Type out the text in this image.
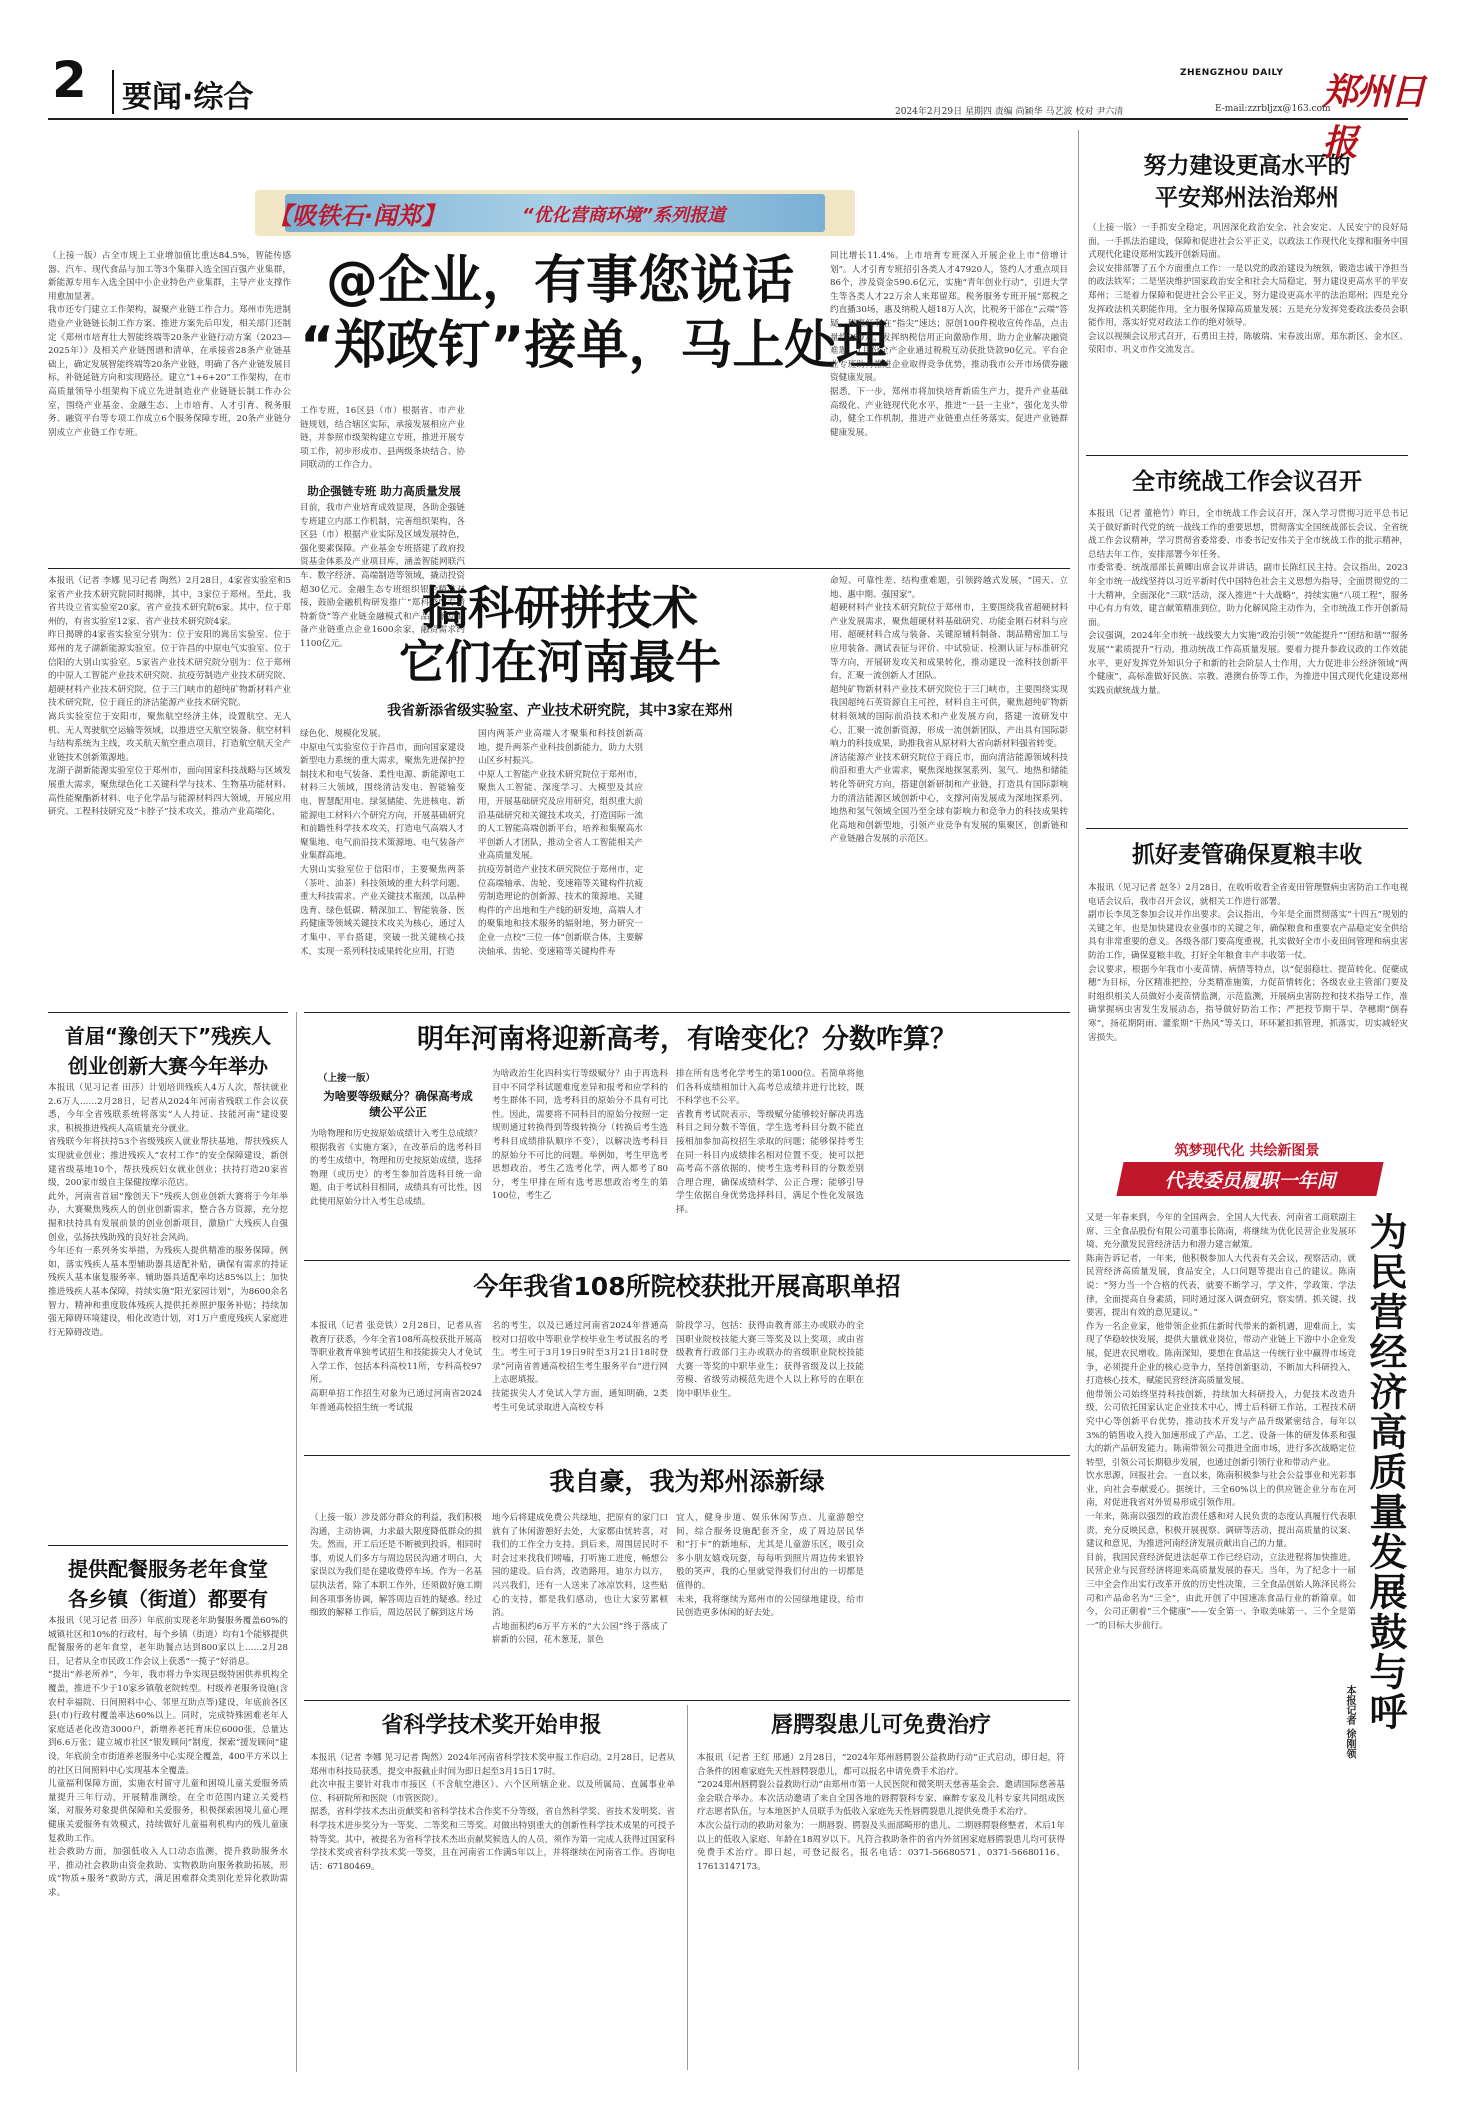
2 要闻·综合
ZHENGZHOU DAILY 郑州日报
2024年2月29日 星期四 责编 尚颖华 马艺波 校对 尹六清	E-mail:zzrbljzx@163.com
【吸铁石·闻郑】	“优化营商环境”系列报道
（上接一版）占全市规上工业增加值比重达84.5%，智能传感器、汽车、现代食品与加工等3个集群入选全国百强产业集群，新能源专用车入选全国中小企业特色产业集群，主导产业支撑作用愈加显著。
我市还专门建立工作架构，凝聚产业链工作合力。郑州市先进制造业产业链链长制工作方案、推进方案先后印发，相关部门还制定《郑州市培育壮大智能终端等20条产业链行动方案（2023—2025年）》及相关产业链图谱和清单，在承接省28条产业链基础上，确定发展智能终端等20条产业链，明确了各产业链发展目标，补链延链方向和实现路径。建立“1+6+20”工作架构，在市高质量领导小组架构下成立先进制造业产业链链长制工作办公室，围绕产业基金、金融生态、上市培育、人才引育、税务服务、融资平台等专项工作成立6个服务保障专班，20条产业链分别成立产业链工作专班。
@企业，有事您说话
“郑政钉”接单，马上处理
工作专班，16区县（市）根据省、市产业链规划，结合辖区实际，承接发展相应产业链，并参照市级架构建立专班，推进开展专项工作，初步形成市、县两级条块结合、协同联动的工作合力。
助企强链专班 助力高质量发展
目前，我市产业培育成效显现，各助企强链专班建立内部工作机制，完善组织架构，各区县（市）根据产业实际及区域发展特色，强化要素保障。产业基金专班搭建了政府投资基金体系及产业项目库，涵盖智能网联汽车、数字经济、高端制造等领域，撬动投资超30亿元。金融生态专班组织银企精准对接，鼓励金融机构研发推广“郑科贷”“专精特新贷”等产业链金融模式和产品，滚动储备产业链重点企业1600余家，融资需求约1100亿元。
同比增长11.4%。上市培育专班深入开展企业上市“倍增计划”。人才引育专班招引各类人才47920人，签约人才重点项目86个，涉及资金590.6亿元，实施“青年创业行动”，引进大学生等各类人才22万余人来郑留郑。税务服务专班开展“郑税之约直播30场，惠及纳税人超18万人次，比税务干部在“云端”答疑，税惠红利在“指尖”速达；原创100件税收宣传作品，点击量约280万。发挥纳税信用正向激励作用，助力企业解决融资难题，1月份全产企业通过税税互动获批贷款90亿元。平台企业专班助力推进企业取得竞争优势，推动我市公开市场债券融资健康发展。
据悉，下一步，郑州市将加快培育新质生产力，提升产业基础高级化、产业链现代化水平，推进“一县一主业”，强化龙头带动，健全工作机制，推进产业链重点任务落实，促进产业链群健康发展。
本报讯（记者 李娜 见习记者 陶然）2月28日，4家省实验室和5家省产业技术研究院同时揭牌，其中，3家位于郑州。至此，我省共设立省实验室20家，省产业技术研究院6家。其中，位于郑州的，有省实验室12家、省产业技术研究院4家。
昨日揭牌的4家省实验室分别为：位于安阳的嵩岳实验室、位于郑州的龙子湖新能源实验室、位于许昌的中原电气实验室、位于信阳的大别山实验室。5家省产业技术研究院分别为：位于郑州的中原人工智能产业技术研究院、抗疫劳制造产业技术研究院、超硬材料产业技术研究院，位于三门峡市的超纯矿物新材料产业技术研究院，位于商丘的济洁能源产业技术研究院。
嵩兵实验室位于安阳市，聚焦航空经济主体，设置航空、无人机、无人驾驶航空运输等领域，以推进空天航空装备、航空材料与结构系统为主线，攻关航天航空重点项目，打造航空航天全产业链技术创新策源地。
龙湖子湖新能源实验室位于郑州市，面向国家科技战略与区域发展重大需求，聚焦绿色化工关键科学与技术、生物基功能材料、高性能聚酯新材料、电子化学品与能源材料四大领域，开展应用研究、工程科技研究及“卡脖子”技术攻关，推动产业高端化、
搞科研拼技术
它们在河南最牛
我省新添省级实验室、产业技术研究院，其中3家在郑州
绿色化、规模化发展。
中原电气实验室位于许昌市，面向国家建设新型电力系统的重大需求，聚焦先进保护控制技术和电气装备、柔性电源、新能源电工材料三大领域，围绕清洁发电、智能输变电、智慧配用电、绿氢储能、先进核电、新能源电工材料六个研究方向，开展基础研究和前瞻性科学技术攻关，打造电气高端人才聚集地、电气前沿技术策源地、电气装备产业集群高地。
大别山实验室位于信阳市，主要聚焦两茶（茶叶、油茶）科技领域的重大科学问题、重大科技需求、产业关键技术瓶颈，以品种选育、绿色低碳、精深加工、智能装备、医药健康等领域关键技术攻关为核心，通过人才集中、平台搭建，突破一批关键核心技术，实现一系列科技成果转化应用，打造
国内两茶产业高端人才聚集和科技创新高地，提升两茶产业科技创新能力，助力大别山区乡村振兴。
中原人工智能产业技术研究院位于郑州市，聚焦人工智能、深度学习、大模型及其应用，开展基础研究及应用研究，组织重大前沿基础研究和关键技术攻关，打造国际一流的人工智能高端创新平台，培养和集聚高水平创新人才团队，推动全省人工智能相关产业高质量发展。
抗疫劳制造产业技术研究院位于郑州市，定位高端轴承、齿轮、变速箱等关键构件抗疲劳制造理论的创新源、技术的策源地、关键构件的产出地和生产线的研发地，高端人才的聚集地和技术服务的辐射地，努力研究一企业一点校”三位一体”创新联合体，主要解决轴承、齿轮、变速箱等关键构件寿
命短、可靠性差、结构重难题，引领跨越式发展，“国天、立地、惠中期、强国家”。
超硬材料产业技术研究院位于郑州市，主要围绕我省超硬材料产业发展需求，聚焦超硬材料基础研究、功能金刚石材料与应用、超硬材料合成与装备、关键原辅料制备、制品精密加工与应用装备、测试表征与评价、中试验证、检测认证与标准研究等方向，开展研发攻关和成果转化，推动建设一流科技创新平台，汇聚一流创新人才团队。
超纯矿物新材料产业技术研究院位于三门峡市，主要围绕实现我国超纯石英资源自主可控，材料自主可供，聚焦超纯矿物新材料领域的国际前沿技术和产业发展方向，搭建一流研发中心，汇聚一流创新资源，形成一流创新团队，产出具有国际影响力的科技成果，助推我省从原材料大省向新材料强省转变。
济洁能源产业技术研究院位于商丘市，面向清洁能源领域科技前沿和重大产业需求，聚焦深地探氢系列、氢气、地热和储能转化等研究方向，搭建创新研制和产业链，打造具有国际影响力的清洁能源区域创新中心，支撑河南发展成为深地探系列、地热和氢气领域全国乃至全球有影响力和竞争力的科技成果转化高地和创新型地，引领产业竞争有发展的集聚区，创新链和产业链融合发展的示范区。
首届“豫创天下”残疾人
创业创新大赛今年举办
本报讯（见习记者 田莎）计划培训残疾人4万人次，帮扶就业2.6万人……2月28日，记者从2024年河南省残联工作会议获悉，今年全省残联系统将落实“人人持证、技能河南”建设要求，积极推进残疾人高质量充分就业。
省残联今年将扶持53个省级残疾人就业帮扶基地，帮扶残疾人实现就业创业；推进残疾人“农村工作”的安全保障建设，新创建省级基地10个，帮扶残疾妇女就业创业；扶持打造20家省级，200家市级自主保健按摩示范店。
此外，河南省首届“豫创天下”残疾人创业创新大赛将于今年举办，大赛聚焦残疾人的创业创新需求，整合各方资源，充分挖掘和扶持具有发展前景的创业创新项目，激励广大残疾人自强创业，弘扬扶残助残的良好社会风尚。
今年还有一系列务实举措，为残疾人提供精准的服务保障。例如，落实残疾人基本型辅助器具适配补贴，确保有需求的持证残疾人基本康复服务率、辅助器具适配率均达85%以上；加快推进残疾人基本保障，持续实施“阳光家园计划”，为8600余名智力、精神和重度肢体残疾人提供托养照护服务补贴；持续加强无障碍环境建设，相化改造计划，对1万户重度残疾人家庭进行无障碍改造。
提供配餐服务老年食堂
各乡镇（街道）都要有
本报讯（见习记者 田莎）年底前实现老年助餐服务覆盖60%的城镇社区和10%的行政村，每个乡镇（街道）均有1个能够提供配餐服务的老年食堂，老年助餐点达到800家以上……2月28日，记者从全市民政工作会议上获悉“一揽子”好消息。
“提出“养老所养”，今年，我市将力争实现县级特困供养机构全覆盖，推进不少于10家乡镇敬老院转型。村级养老服务设施(含农村幸福院、日间照料中心、邻里互助点等)建设，年底前各区县(市)行政村覆盖率达60%以上。同时，完成特殊困难老年人家庭适老化改造3000户，新增养老托育床位6000张，总量达到6.6万张；建立城市社区“银发顾问”制度，探索“援发顾问”建设，年底前全市街道养老服务中心实现全覆盖，400平方米以上的社区日间照料中心实现基本全覆盖。
儿童福利保障方面，实施农村留守儿童和困境儿童关爱服务质量提升三年行动，开展精准测绘，在全市范围内建立关爱档案，对服务对象提供保障和关爱服务，积极探索困境儿童心理健康关爱服务有效模式，持续做好儿童福利机构内的残儿童康复救助工作。
社会救助方面，加强低收入人口动态监测，提升救助服务水平，推动社会救助由资金救助、实物救助向服务救助拓展，形成“物质+服务”救助方式，满足困难群众类别化差异化救助需求。
明年河南将迎新高考，有啥变化？分数咋算？
（上接一版）
为啥要等级赋分？确保高考成绩公平公正
为啥物理和历史按原始成绩计入考生总成绩？根据我省《实施方案》，在改革后的选考科目的考生成绩中，物理和历史按原始成绩，选择物理（或历史）的考生参加首选科目统一命题，由于考试科目相同，成绩具有可比性，因此使用原始分计入考生总成绩。
为啥政治生化四科实行等级赋分？由于再选科目中不同学科试题难度差异和报考和应学科的考生群体不同，选考科目的原始分不具有可比性。因此，需要将不同科目的原始分按照一定规则通过转换得到等级转换分（转换后考生选考科目成绩排队顺序不变），以解决选考科目的原始分不可比的问题。举例如，考生甲选考思想政治，考生乙选考化学，两人都考了80分，考生甲排在所有选考思想政治考生的第100位，考生乙
排在所有选考化学考生的第1000位。若简单将他们各科成绩相加计入高考总成绩并进行比较，既不科学也不公平。
省教育考试院表示，等级赋分能够较好解决再选科目之间分数不等值，学生选考科目分数不能直接相加参加高校招生录取的问题；能够保持考生在同一科目内成绩排名相对位置不变，使可以把高考高不落依据的，使考生选考科目的分数差别合理合理，确保成绩科学、公正合理；能够引导学生依据自身优势选择科目，满足个性化发展选择。
今年我省108所院校获批开展高职单招
本报讯（记者 张竞铁）2月28日，记者从省教育厅获悉，今年全省108所高校获批开展高等职业教育单独考试招生和技能拔尖人才免试入学工作，包括本科高校11所，专科高校97所。
高职单招工作招生对象为已通过河南省2024年普通高校招生统一考试报
名的考生，以及已通过河南省2024年普通高校对口招收中等职业学校毕业生考试报名的考生。考生可于3月19日9时至3月21日18时登录“河南省普通高校招生考生服务平台”进行网上志愿填报。
技能拔尖人才免试入学方面，通知明确，2类考生可免试录取进入高校专科
阶段学习，包括：获得由教育部主办或联办的全国职业院校技能大赛三等奖及以上奖项，或由省级教育行政部门主办或联办的省级职业院校技能大赛一等奖的中职毕业生；获得省级及以上技能劳模、省级劳动模范先进个人以上称号的在职在岗中职毕业生。
我自豪，我为郑州添新绿
（上接一版）涉及部分群众的利益，我们积极沟通，主动协调，力求最大限度降低群众的损失。然而，开工后还是不断被到投诉，相同时事，劝说人们多方与周边居民沟通才明白，大家误以为我们是在建收费停车场。作为一名基层执法者，除了本职工作外，还须做好施工期间各项事务协调，解答周边百姓的疑惑。经过细致的解释工作后，周边居民了解到这片场
地今后将建成免费公共绿地，把原有的家门口就有了休闲游憩好去处，大家都由忧转喜，对我们的工作全力支持。到后来，周围居民时不时会过来找我们唠嗑，打听施工进度，畅想公园的建设。后台湾，改造路用，迪尔力以方，兴兴我们，还有一人送来了冰凉饮料，这些贴心的支持，都是我们感动，也让大家劳累顿消。
占地面积约6万平方米的“大公园”终于落成了崭新的公园，花木葱茏，景色
宜人，健身步道、娱乐休闲节点、儿童游憩空间，综合服务设施配套齐全，成了周边居民华和“打卡”的新地标，尤其是儿童游乐区，吸引众多小朋友嬉戏玩耍，每每听到照片周边传来银铃般的笑声，我的心里就觉得我们付出的一切都是值得的。
未来，我将继续为郑州市的公园绿地建设，给市民创造更多休闲的好去处。
省科学技术奖开始申报
本报讯（记者 李娜 见习记者 陶然）2024年河南省科学技术奖申报工作启动。2月28日，记者从郑州市科技局获悉，提交申报截止时间为即日起至3月15日17时。
此次申报主要针对我市市接区（不含航空港区）、六个区所辖企业、以及所属局、直属事业单位、科研院所和医院（市管医院）。
据悉，省科学技术杰出贡献奖和省科学技术合作奖不分等级，省自然科学奖、省技术发明奖、省科学技术进步奖分为一等奖、二等奖和三等奖。对做出特别重大的创新性科学技术成果的可授予特等奖。其中，被提名为省科学技术杰出贡献奖候选人的人员，须作为第一完成人获得过国家科学技术奖或省科学技术奖一等奖，且在河南省工作满5年以上，并将继续在河南省工作。咨询电话：67180469。
唇腭裂患儿可免费治疗
本报讯（记者 王红 邢通）2月28日，“2024年郑州唇腭裂公益救助行动”正式启动，即日起，符合条件的困难家庭先天性唇腭裂患儿，都可以报名申请免费手术治疗。
“2024郑州唇腭裂公益救助行动”由郑州市第一人民医院和微笑明天慈善基金会、邀请国际慈善基金会联合举办。本次活动邀请了来自全国各地的唇腭裂科专家、麻醉专家及儿科专家共同组成医疗志愿者队伍，与本地医护人员联手为低收入家庭先天性唇腭裂患儿提供免费手术治疗。
本次公益行动的救助对象为：一期唇裂、腭裂及头面部畸形的患儿、二期唇腭裂修整者，术后1年以上的低收入家庭、年龄在18周岁以下。凡符合救助条件的省内外贫困家庭唇腭裂患儿均可获得免费手术治疗。即日起，可登记报名，报名电话：0371-56680571、0371-56680116、17613147173。
努力建设更高水平的
平安郑州法治郑州
（上接一版）一手抓安全稳定，巩固深化政治安全、社会安定、人民安宁的良好局面，一手抓法治建设，保障和促进社会公平正义，以政法工作现代化支撑和服务中国式现代化建设郑州实践开创新局面。
会议安排部署了五个方面重点工作：一是以党的政治建设为统领，锻造忠诚干净担当的政法铁军；二是坚决维护国家政治安全和社会大局稳定，努力建设更高水平的平安郑州；三是着力保障和促进社会公平正义，努力建设更高水平的法治郑州；四是充分发挥政法机关职能作用，全力服务保障高质量发展；五是充分发挥党委政法委员会职能作用，落实好党对政法工作的绝对领导。
会议以视频会议形式召开，石勇田主持，陈敏瑞、宋春波出席，郑东新区、金水区、荥阳市、巩义市作交流发言。
全市统战工作会议召开
本报讯（记者 董艳竹）昨日，全市统战工作会议召开，深入学习贯彻习近平总书记关于做好新时代党的统一战线工作的重要思想，贯彻落实全国统战部长会议、全省统战工作会议精神，学习贯彻省委常委、市委书记安伟关于全市统战工作的批示精神，总结去年工作，安排部署今年任务。
市委常委、统战部部长黄卿出席会议并讲话，副市长陈红民主持。会议指出，2023年全市统一战线坚持以习近平新时代中国特色社会主义思想为指导，全面贯彻党的二十大精神，全面深化“三联”活动，深入推进“十大战略”，持续实施“八项工程”，服务中心有力有效，建言献策精准到位，助力化解风险主动作为，全市统战工作开创新局面。
会议强调，2024年全市统一战线要大力实施“政治引领”“效能提升”“团结和谐”“服务发展”“素质提升”行动，推动统战工作高质量发展。要着力提升参政议政的工作效能水平，更好发挥党外知识分子和新的社会阶层人士作用，大力促进非公经济领域“两个健康”，高标准做好民族、宗教、港澳台侨等工作，为推进中国式现代化建设郑州实践贡献统战力量。
抓好麦管确保夏粮丰收
本报讯（见习记者 赵冬）2月28日，在收听收看全省麦田管理暨病虫害防治工作电视电话会议后，我市召开会议，就相关工作进行部署。
副市长李凤芝参加会议并作出要求。会议指出，今年是全面贯彻落实“十四五”规划的关键之年，也是加快建设农业强市的关键之年，确保粮食和重要农产品稳定安全供给具有非常重要的意义。各级各部门要高度重视，扎实做好全市小麦田间管理和病虫害防治工作，确保夏粮丰收，打好全年粮食丰产丰收第一仗。
会议要求，根据今年我市小麦苗情、病情等特点，以“促弱稳壮、提苗转化、促蘗成穗”为目标，分区精准把控，分类精准施策，力促苗情转化；各级农业主管部门要及时组织相关人员做好小麦苗情监测，示范监测，开展病虫害防控和技术指导工作，准确掌握病虫害发生发展动态，指导做好防治工作；严把投节期干旱、孕穗期“倒春寒”，扬花期阴雨、灌浆期“干热风”等关口，环环紧扣抓管理，抓落实，切实减轻灾害损失。
筑梦现代化 共绘新图景
代表委员履职一年间
又是一年春来到，今年的全国两会，全国人大代表、河南省工商联副主席、三全食品股份有限公司董事长陈南，将继续为优化民营企业发展环境、充分激发民营经济活力和潜力建言献策。
陈南告诉记者，一年来，他积极参加人大代表有关会议，视察活动，就民营经济高质量发展，食品安全，人口问题等提出自己的建议。陈南说：“努力当一个合格的代表，就要不断学习，学文件，学政策、学法律，全面提高自身素质，同时通过深入调查研究，察实情、抓关键、找要害，提出有效的意见建议。”
作为一名企业家，他带领企业抓住新时代带来的新机遇，迎难而上，实现了华稳较快发展，提供大量就业岗位，带动产业链上下游中小企业发展，促进农民增收。陈南深知，要想在食品这一传统行业中赢得市场竞争，必须提升企业的核心竞争力，坚持创新驱动，不断加大科研投入，打造核心技术，赋能民营经济高质量发展。
他带领公司始终坚持科技创新，持续加大科研投入，力促技术改造升级，公司依托国家认定企业技术中心，博士后科研工作站，工程技术研究中心等创新平台优势，推动技术开发与产品升级紧密结合，每年以3%的销售收入投入加速形成了产品、工艺、设备一体的研发体系和强大的新产品研发能力。陈南带领公司推进全面市场，进行多次战略定位转型，引领公司长期稳步发展，也通过创新引领行业和带动产业。
饮水思源，回报社会。一直以来，陈南积极参与社会公益事业和光彩事业，向社会奉献爱心。据统计，三全60%以上的供应链企业分布在河南，对促进我省对外贸易形成引领作用。
一年来，陈南以强烈的政治责任感和对人民负责的态度认真履行代表职责，充分反映民意，积极开展视察、调研等活动，提出高质量的议案、建议和意见，为推进河南经济发展贡献出自己的力量。
目前，我国民营经济促进法起草工作已经启动，立法进程将加快推进。民营企业与民营经济将迎来高质量发展的春天。当年，为了纪念十一届三中全会作出实行改革开放的历史性决策，三全食品创始人陈泽民将公司和产品命名为“三全”，由此开创了中国速冻食品行业的新篇章。如今，公司正朝着“三个健康”——安全第一、争取美味第一、三个全是第一”的目标大步前行。	为民营经济高质量发展鼓与呼
本报记者 徐刚领
